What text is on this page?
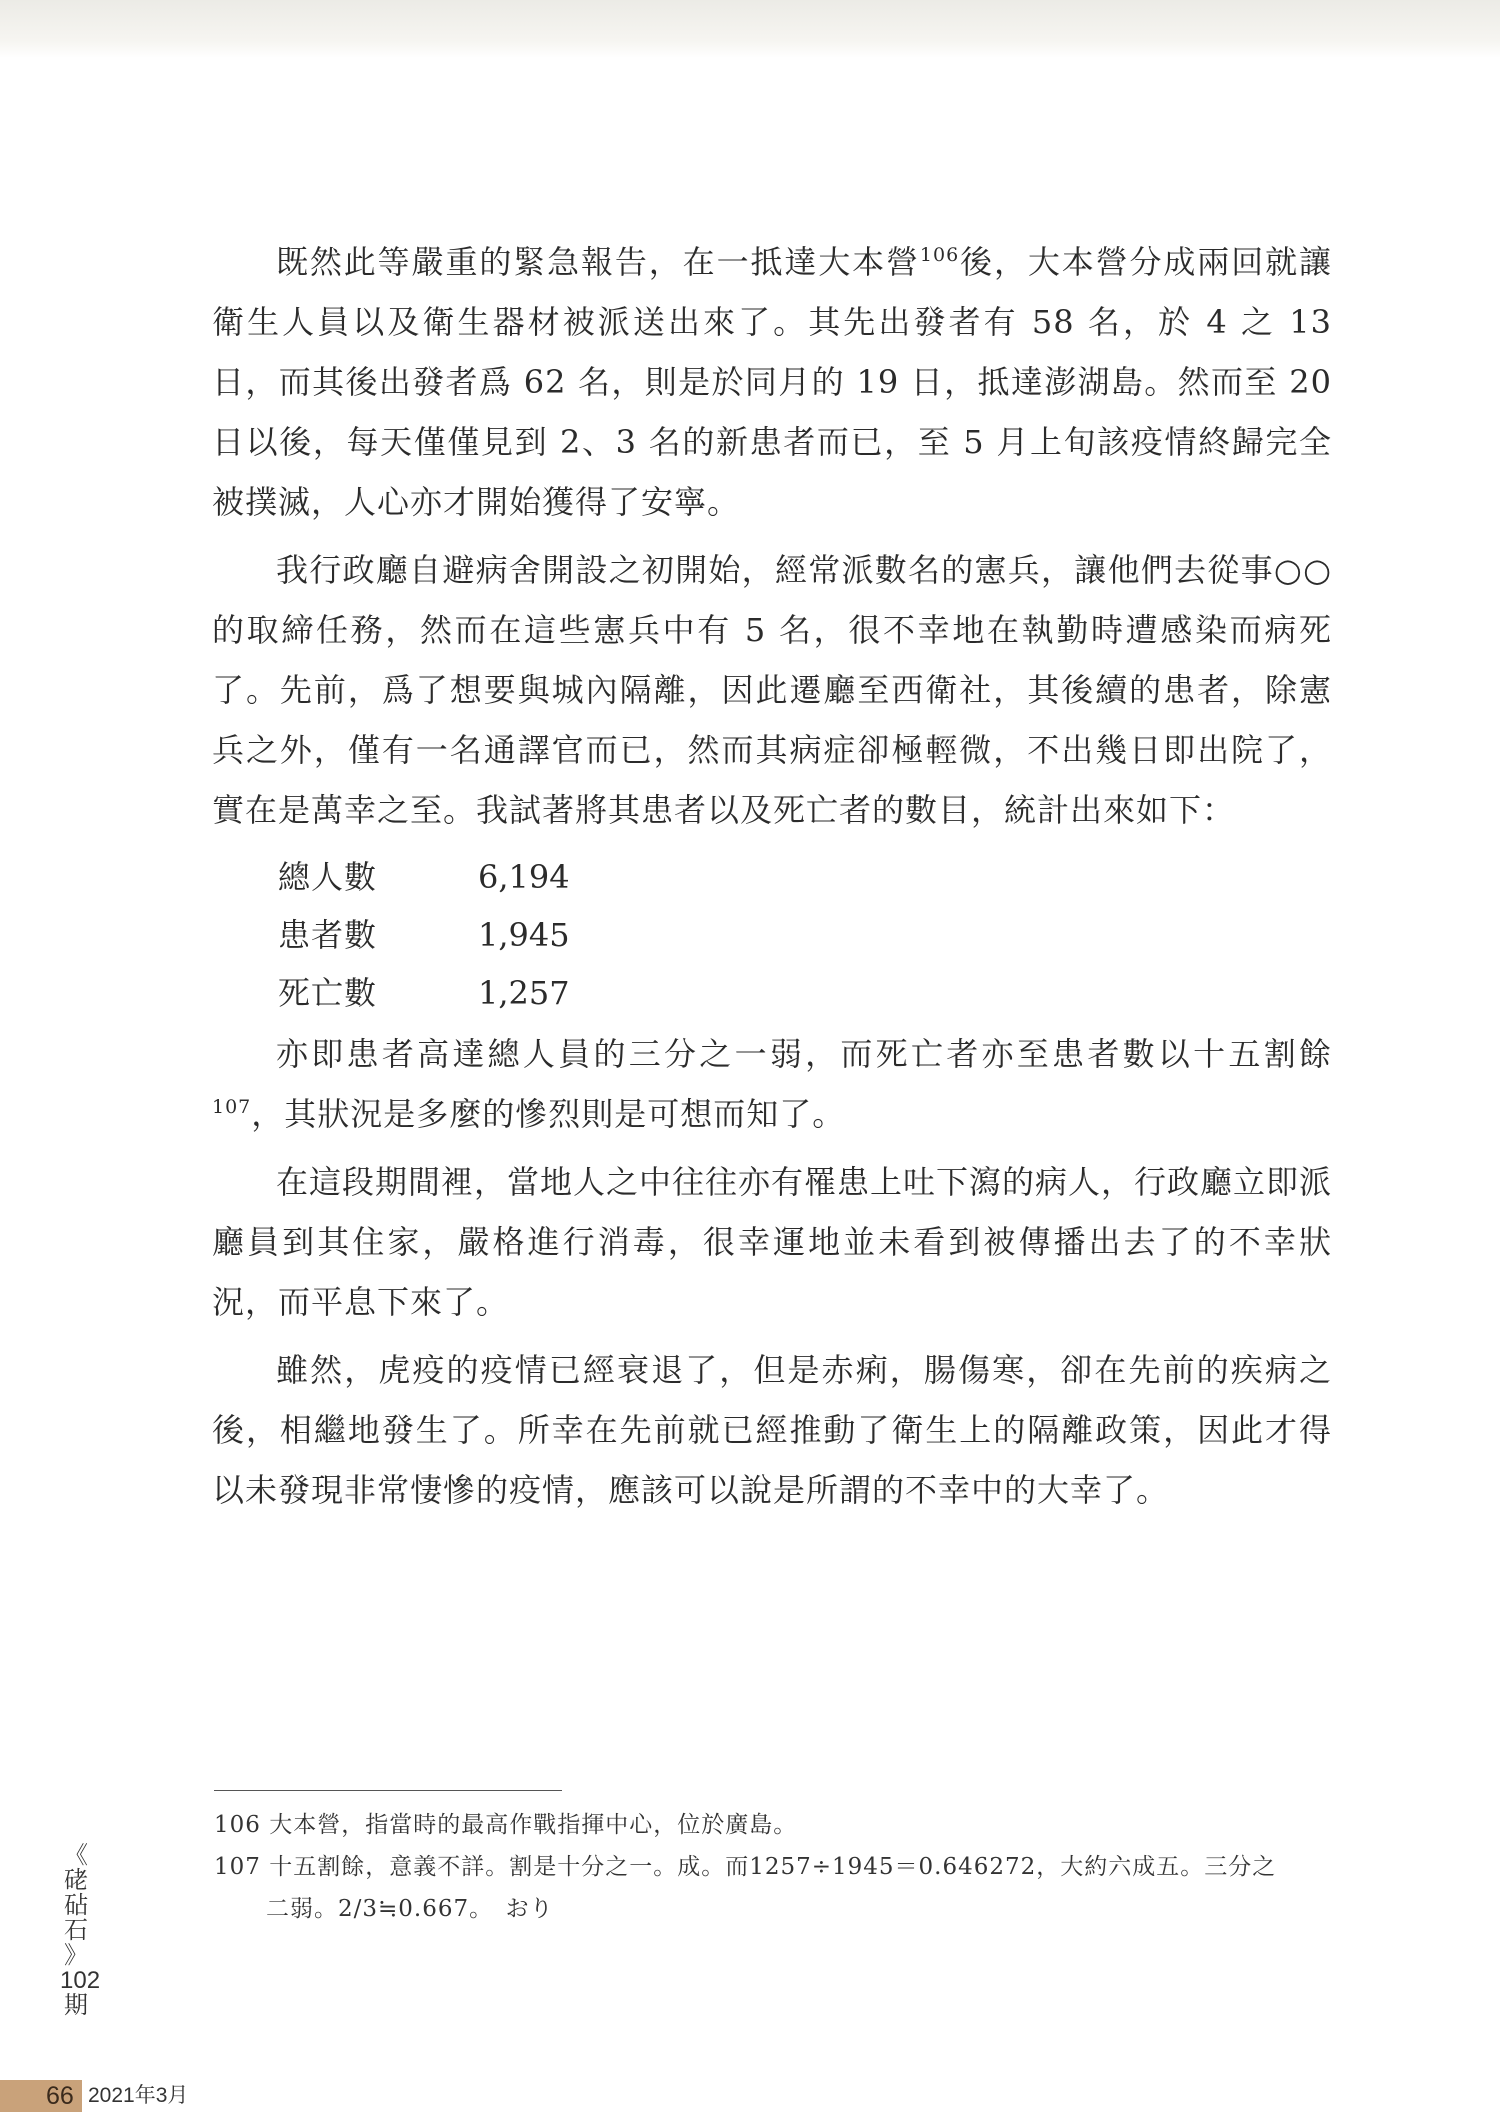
既然此等嚴重的緊急報告，在一抵達大本營$^{106}$後，大本營分成兩回就讓衛生人員以及衛生器材被派送出來了。其先出發者有 58 名，於 4 之 13 日，而其後出發者爲 62 名，則是於同月的 19 日，抵達澎湖島。然而至 20 日以後，每天僅僅見到 2、3 名的新患者而已，至 5 月上旬該疫情終歸完全被撲滅，人心亦才開始獲得了安寧。

我行政廳自避病舍開設之初開始，經常派數名的憲兵，讓他們去從事○○的取締任務，然而在這些憲兵中有 5 名，很不幸地在執勤時遭感染而病死了。先前，爲了想要與城內隔離，因此遷廳至西衛社，其後續的患者，除憲兵之外，僅有一名通譯官而已，然而其病症卻極輕微，不出幾日即出院了，實在是萬幸之至。我試著將其患者以及死亡者的數目，統計出來如下：

總人數	6,194
患者數	1,945
死亡數	1,257

亦即患者高達總人員的三分之一弱，而死亡者亦至患者數以十五割餘$^{107}$，其狀況是多麼的慘烈則是可想而知了。

在這段期間裡，當地人之中往往亦有罹患上吐下瀉的病人，行政廳立即派廳員到其住家，嚴格進行消毒，很幸運地並未看到被傳播出去了的不幸狀況，而平息下來了。

雖然，虎疫的疫情已經衰退了，但是赤痢，腸傷寒，卻在先前的疾病之後，相繼地發生了。所幸在先前就已經推動了衛生上的隔離政策，因此才得以未發現非常悽慘的疫情，應該可以說是所謂的不幸中的大幸了。

106 大本營，指當時的最高作戰指揮中心，位於廣島。

107 十五割餘，意義不詳。割是十分之一。成。而1257÷1945＝0.646272，大約六成五。三分之
二弱。2/3≒0.667。　おり

《
硓
砧
石
》
102
期
66 2021年3月
